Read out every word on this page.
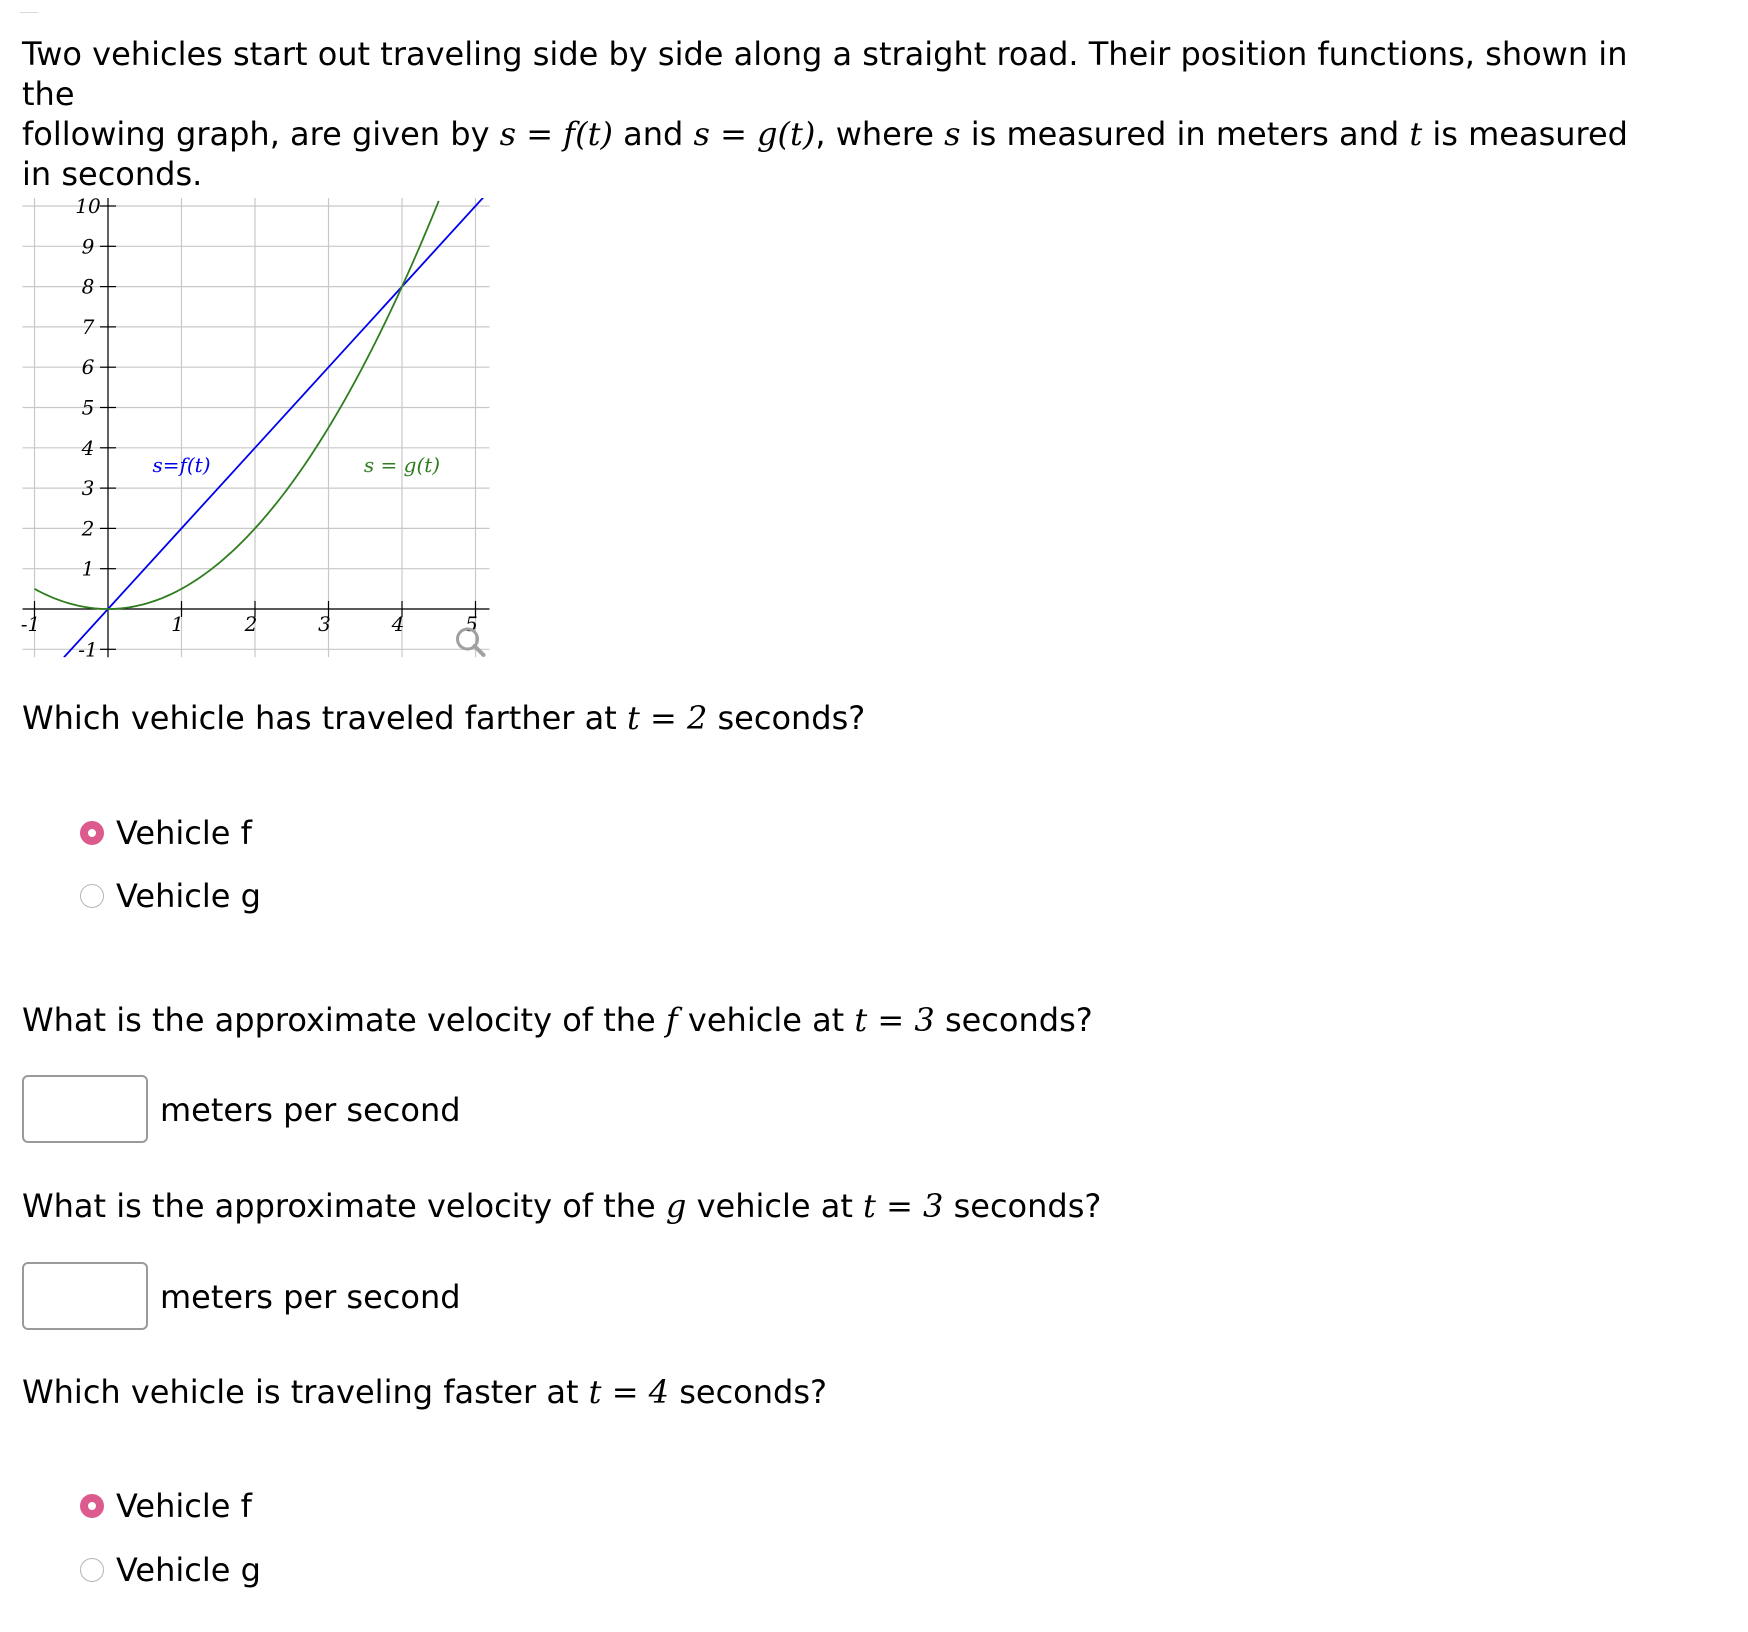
Two vehicles start out traveling side by side along a straight road. Their position functions, shown in the
following graph, are given by s = f(t) and s = g(t), where s is measured in meters and t is measured
in seconds.
-1	1	2	3	4	5
-1
1
2
3
4
5
6
7
8
9
10
s=f(t)	s = g(t)
Which vehicle has traveled farther at t = 2 seconds?
Vehicle f
Vehicle g
What is the approximate velocity of the f vehicle at t = 3 seconds?
meters per second
What is the approximate velocity of the g vehicle at t = 3 seconds?
meters per second
Which vehicle is traveling faster at t = 4 seconds?
Vehicle f
Vehicle g
